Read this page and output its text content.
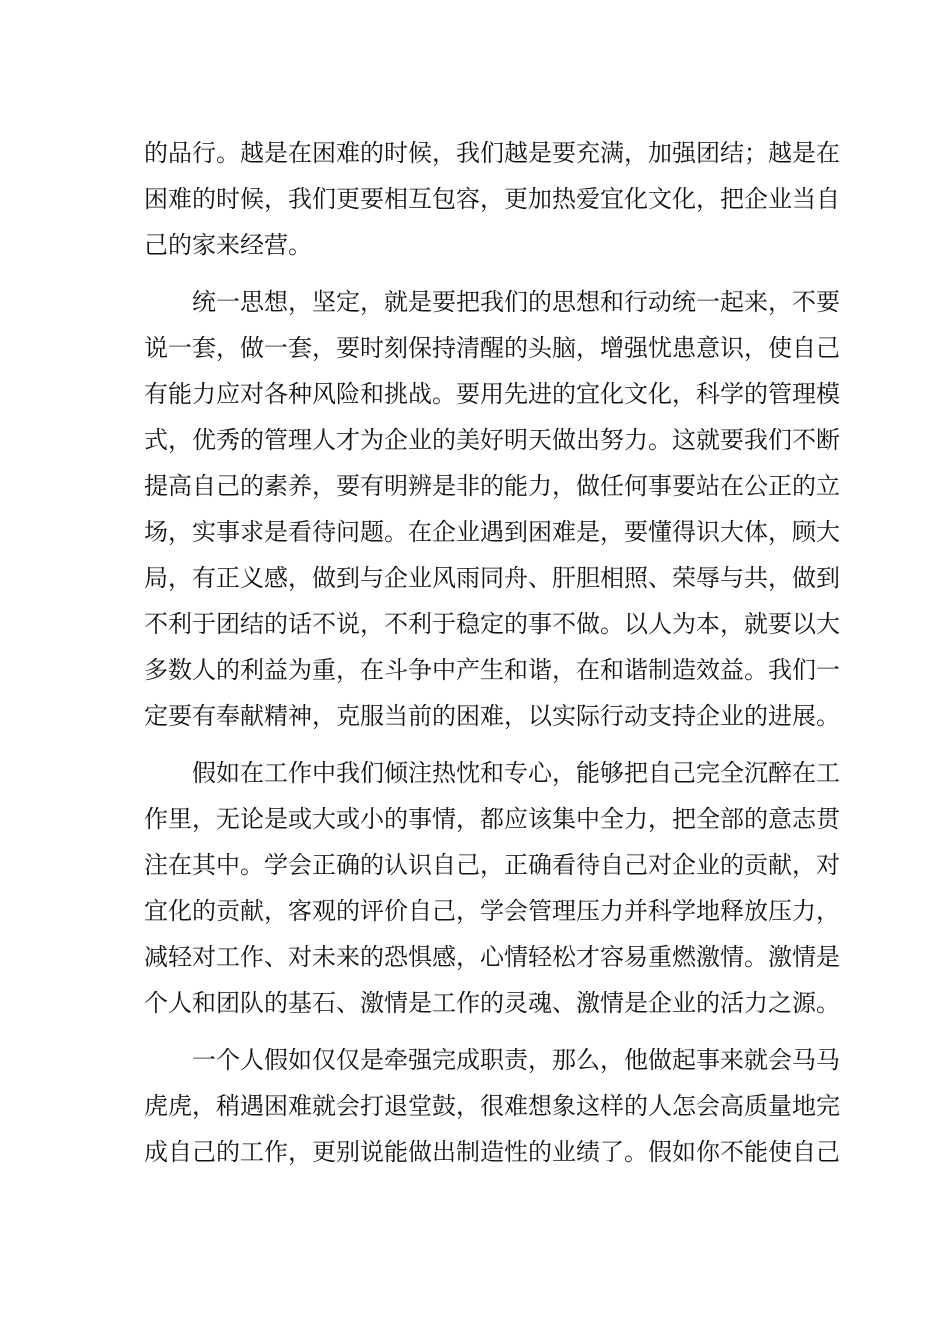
的品行。越是在困难的时候，我们越是要充满，加强团结；越是在
困难的时候，我们更要相互包容，更加热爱宜化文化，把企业当自
己的家来经营。
统一思想，坚定，就是要把我们的思想和行动统一起来，不要
说一套，做一套，要时刻保持清醒的头脑，增强忧患意识，使自己
有能力应对各种风险和挑战。要用先进的宜化文化，科学的管理模
式，优秀的管理人才为企业的美好明天做出努力。这就要我们不断
提高自己的素养，要有明辨是非的能力，做任何事要站在公正的立
场，实事求是看待问题。在企业遇到困难是，要懂得识大体，顾大
局，有正义感，做到与企业风雨同舟、肝胆相照、荣辱与共，做到
不利于团结的话不说，不利于稳定的事不做。以人为本，就要以大
多数人的利益为重，在斗争中产生和谐，在和谐制造效益。我们一
定要有奉献精神，克服当前的困难，以实际行动支持企业的进展。
假如在工作中我们倾注热忱和专心，能够把自己完全沉醉在工
作里，无论是或大或小的事情，都应该集中全力，把全部的意志贯
注在其中。学会正确的认识自己，正确看待自己对企业的贡献，对
宜化的贡献，客观的评价自己，学会管理压力并科学地释放压力，
减轻对工作、对未来的恐惧感，心情轻松才容易重燃激情。激情是
个人和团队的基石、激情是工作的灵魂、激情是企业的活力之源。
一个人假如仅仅是牵强完成职责，那么，他做起事来就会马马
虎虎，稍遇困难就会打退堂鼓，很难想象这样的人怎会高质量地完
成自己的工作，更别说能做出制造性的业绩了。假如你不能使自己
